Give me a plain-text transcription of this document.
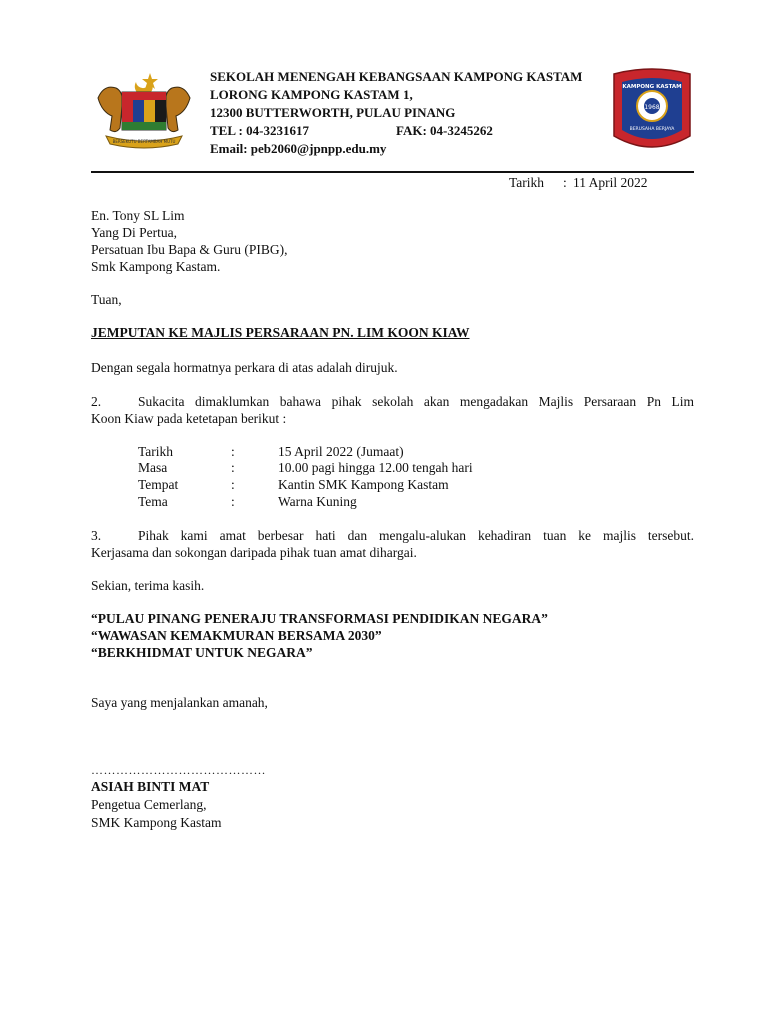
BERSEKUTU BERTAMBAH MUTU
SEKOLAH MENENGAH KEBANGSAAN KAMPONG KASTAM
LORONG KAMPONG KASTAM 1,
12300 BUTTERWORTH, PULAU PINANG
TEL : 04-3231617	FAK: 04-3245262
Email: peb2060@jpnpp.edu.my
1968
KAMPONG KASTAM
BERUSAHA BERJAYA
Tarikh : 11 April 2022
En. Tony SL Lim
Yang Di Pertua,
Persatuan Ibu Bapa & Guru (PIBG),
Smk Kampong Kastam.
Tuan,
JEMPUTAN KE MAJLIS PERSARAAN PN. LIM KOON KIAW
Dengan segala hormatnya perkara di atas adalah dirujuk.
2.	Sukacita dimaklumkan bahawa pihak sekolah akan mengadakan Majlis Persaraan Pn Lim
Koon Kiaw pada ketetapan berikut :
Tarikh	:	15 April 2022 (Jumaat)
Masa	:	10.00 pagi hingga 12.00 tengah hari
Tempat	:	Kantin SMK Kampong Kastam
Tema	:	Warna Kuning
3.	Pihak kami amat berbesar hati dan mengalu-alukan kehadiran tuan ke majlis tersebut.
Kerjasama dan sokongan daripada pihak tuan amat dihargai.
Sekian, terima kasih.
“PULAU PINANG PENERAJU TRANSFORMASI PENDIDIKAN NEGARA”
“WAWASAN KEMAKMURAN BERSAMA 2030”
“BERKHIDMAT UNTUK NEGARA”
Saya yang menjalankan amanah,
……………………………………
ASIAH BINTI MAT
Pengetua Cemerlang,
SMK Kampong Kastam
